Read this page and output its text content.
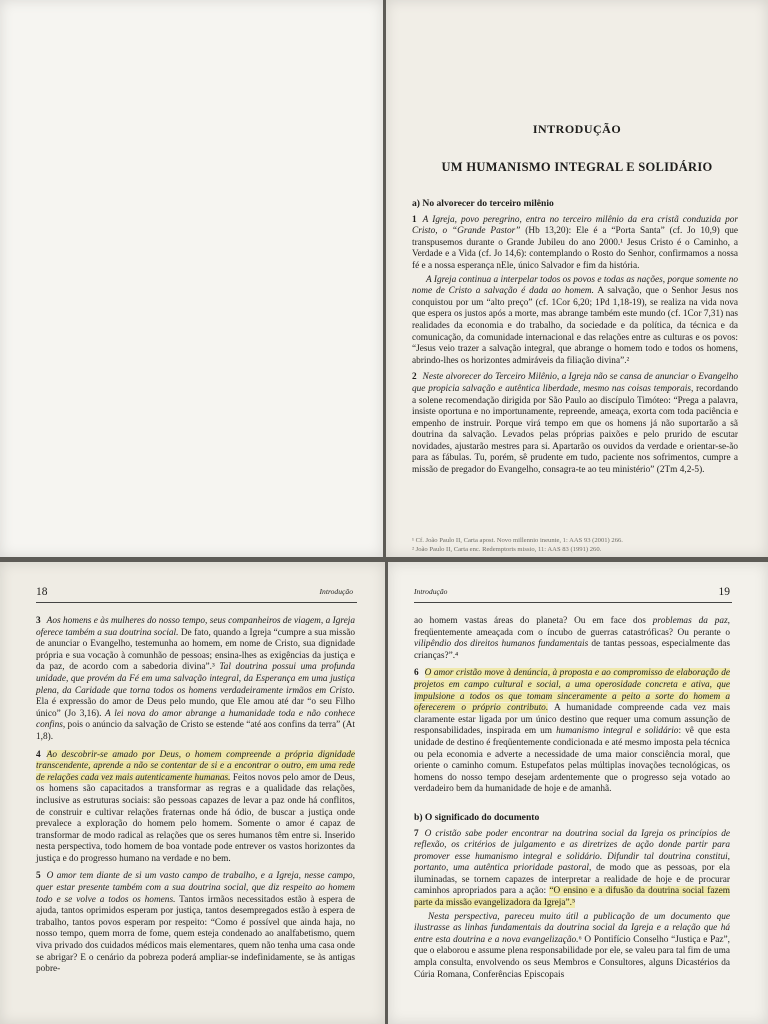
INTRODUÇÃO
UM HUMANISMO INTEGRAL E SOLIDÁRIO

a) No alvorecer do terceiro milênio

1 A Igreja, povo peregrino, entra no terceiro milênio da era cristã conduzida por Cristo, o “Grande Pastor” (Hb 13,20): Ele é a “Porta Santa” (cf. Jo 10,9) que transpusemos durante o Grande Jubileu do ano 2000.¹ Jesus Cristo é o Caminho, a Verdade e a Vida (cf. Jo 14,6): contemplando o Rosto do Senhor, confirmamos a nossa fé e a nossa esperança nEle, único Salvador e fim da história.

A Igreja continua a interpelar todos os povos e todas as nações, porque somente no nome de Cristo a salvação é dada ao homem. A salvação, que o Senhor Jesus nos conquistou por um “alto preço” (cf. 1Cor 6,20; 1Pd 1,18-19), se realiza na vida nova que espera os justos após a morte, mas abrange também este mundo (cf. 1Cor 7,31) nas realidades da economia e do trabalho, da sociedade e da política, da técnica e da comunicação, da comunidade internacional e das relações entre as culturas e os povos: “Jesus veio trazer a salvação integral, que abrange o homem todo e todos os homens, abrindo-lhes os horizontes admiráveis da filiação divina”.²

2 Neste alvorecer do Terceiro Milênio, a Igreja não se cansa de anunciar o Evangelho que propicia salvação e autêntica liberdade, mesmo nas coisas temporais, recordando a solene recomendação dirigida por São Paulo ao discípulo Timóteo: “Prega a palavra, insiste oportuna e no importunamente, repreende, ameaça, exorta com toda paciência e empenho de instruir. Porque virá tempo em que os homens já não suportarão a sã doutrina da salvação. Levados pelas próprias paixões e pelo prurido de escutar novidades, ajustarão mestres para si. Apartarão os ouvidos da verdade e orientar-se-ão para as fábulas. Tu, porém, sê prudente em tudo, paciente nos sofrimentos, cumpre a missão de pregador do Evangelho, consagra-te ao teu ministério” (2Tm 4,2-5).

¹ Cf. João Paulo II, Carta apost. Novo millennio ineunte, 1: AAS 93 (2001) 266.
² João Paulo II, Carta enc. Redemptoris missio, 11: AAS 83 (1991) 260.
18	Introdução

3 Aos homens e às mulheres do nosso tempo, seus companheiros de viagem, a Igreja oferece também a sua doutrina social. De fato, quando a Igreja “cumpre a sua missão de anunciar o Evangelho, testemunha ao homem, em nome de Cristo, sua dignidade própria e sua vocação à comunhão de pessoas; ensina-lhes as exigências da justiça e da paz, de acordo com a sabedoria divina”.³ Tal doutrina possui uma profunda unidade, que provém da Fé em uma salvação integral, da Esperança em uma justiça plena, da Caridade que torna todos os homens verdadeiramente irmãos em Cristo. Ela é expressão do amor de Deus pelo mundo, que Ele amou até dar “o seu Filho único” (Jo 3,16). A lei nova do amor abrange a humanidade toda e não conhece confins, pois o anúncio da salvação de Cristo se estende “até aos confins da terra” (At 1,8).

4 Ao descobrir-se amado por Deus, o homem compreende a própria dignidade transcendente, aprende a não se contentar de si e a encontrar o outro, em uma rede de relações cada vez mais autenticamente humanas. Feitos novos pelo amor de Deus, os homens são capacitados a transformar as regras e a qualidade das relações, inclusive as estruturas sociais: são pessoas capazes de levar a paz onde há conflitos, de construir e cultivar relações fraternas onde há ódio, de buscar a justiça onde prevalece a exploração do homem pelo homem. Somente o amor é capaz de transformar de modo radical as relações que os seres humanos têm entre si. Inserido nesta perspectiva, todo homem de boa vontade pode entrever os vastos horizontes da justiça e do progresso humano na verdade e no bem.

5 O amor tem diante de si um vasto campo de trabalho, e a Igreja, nesse campo, quer estar presente também com a sua doutrina social, que diz respeito ao homem todo e se volve a todos os homens. Tantos irmãos necessitados estão à espera de ajuda, tantos oprimidos esperam por justiça, tantos desempregados estão à espera de trabalho, tantos povos esperam por respeito: “Como é possível que ainda haja, no nosso tempo, quem morra de fome, quem esteja condenado ao analfabetismo, quem viva privado dos cuidados médicos mais elementares, quem não tenha uma casa onde se abrigar? E o cenário da pobreza poderá ampliar-se indefinidamente, se às antigas pobre-

Introdução	19

ao homem vastas áreas do planeta? Ou em face dos problemas da paz, freqüentemente ameaçada com o íncubo de guerras catastróficas? Ou perante o vilipêndio dos direitos humanos fundamentais de tantas pessoas, especialmente das crianças?”.⁴

6 O amor cristão move à denúncia, à proposta e ao compromisso de elaboração de projetos em campo cultural e social, a uma operosidade concreta e ativa, que impulsione a todos os que tomam sinceramente a peito a sorte do homem a oferecerem o próprio contributo. A humanidade compreende cada vez mais claramente estar ligada por um único destino que requer uma comum assunção de responsabilidades, inspirada em um humanismo integral e solidário: vê que esta unidade de destino é freqüentemente condicionada e até mesmo imposta pela técnica ou pela economia e adverte a necessidade de uma maior consciência moral, que oriente o caminho comum. Estupefatos pelas múltiplas inovações tecnológicas, os homens do nosso tempo desejam ardentemente que o progresso seja votado ao verdadeiro bem da humanidade de hoje e de amanhã.

b) O significado do documento

7 O cristão sabe poder encontrar na doutrina social da Igreja os princípios de reflexão, os critérios de julgamento e as diretrizes de ação donde partir para promover esse humanismo integral e solidário. Difundir tal doutrina constitui, portanto, uma autêntica prioridade pastoral, de modo que as pessoas, por ela iluminadas, se tornem capazes de interpretar a realidade de hoje e de procurar caminhos apropriados para a ação: “O ensino e a difusão da doutrina social fazem parte da missão evangelizadora da Igreja”.⁵

Nesta perspectiva, pareceu muito útil a publicação de um documento que ilustrasse as linhas fundamentais da doutrina social da Igreja e a relação que há entre esta doutrina e a nova evangelização.⁶ O Pontifício Conselho “Justiça e Paz”, que o elaborou e assume plena responsabilidade por ele, se valeu para tal fim de uma ampla consulta, envolvendo os seus Membros e Consultores, alguns Dicastérios da Cúria Romana, Conferências Episcopais
